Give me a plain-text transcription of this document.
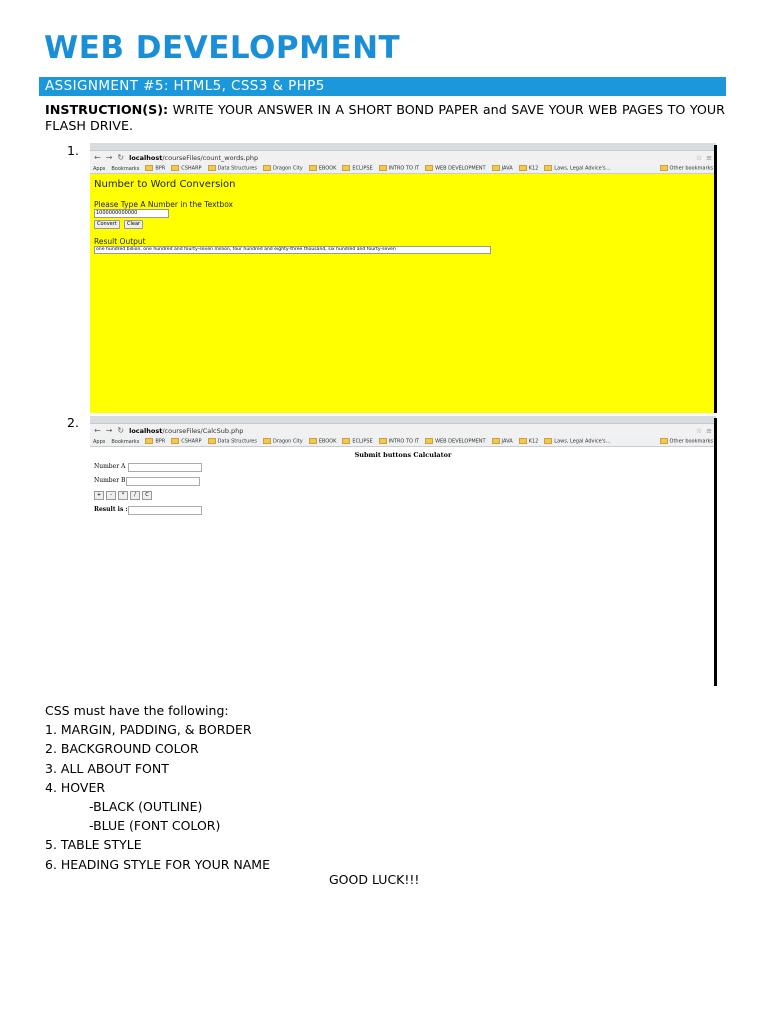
WEB DEVELOPMENT
ASSIGNMENT #5: HTML5, CSS3 & PHP5
INSTRUCTION(S): WRITE YOUR ANSWER IN A SHORT BOND PAPER and SAVE YOUR WEB PAGES TO YOUR FLASH DRIVE.
1. ← → ↻ localhost/courseFiles/count_words.php	☆ ≡
Apps Bookmarks	BPR	CSHARP	Data Structures	Dragon City	EBOOK	ECLIPSE	INTRO TO IT	WEB DEVELOPMENT	JAVA	K12	Laws, Legal Advice's...	Other bookmarks
Number to Word Conversion
Please Type A Number in the Textbox
1000000000000
Convert	Clear
Result Output
one hundred billion, one hundred and fourty-seven million, four hundred and eighty-three thousand, six hundred and fourty-seven
2.
← → ↻ localhost/courseFiles/CalcSub.php	☆ ≡
Apps Bookmarks	BPR	CSHARP	Data Structures	Dragon City	EBOOK	ECLIPSE	INTRO TO IT	WEB DEVELOPMENT	JAVA	K12	Laws, Legal Advice's...	Other bookmarks
Submit buttons Calculator
Number A
Number B
+	-	*	/	C
Result is :
CSS must have the following:
1. MARGIN, PADDING, & BORDER
2. BACKGROUND COLOR
3. ALL ABOUT FONT
4. HOVER
-BLACK (OUTLINE)
-BLUE (FONT COLOR)
5. TABLE STYLE
6. HEADING STYLE FOR YOUR NAME
GOOD LUCK!!!
